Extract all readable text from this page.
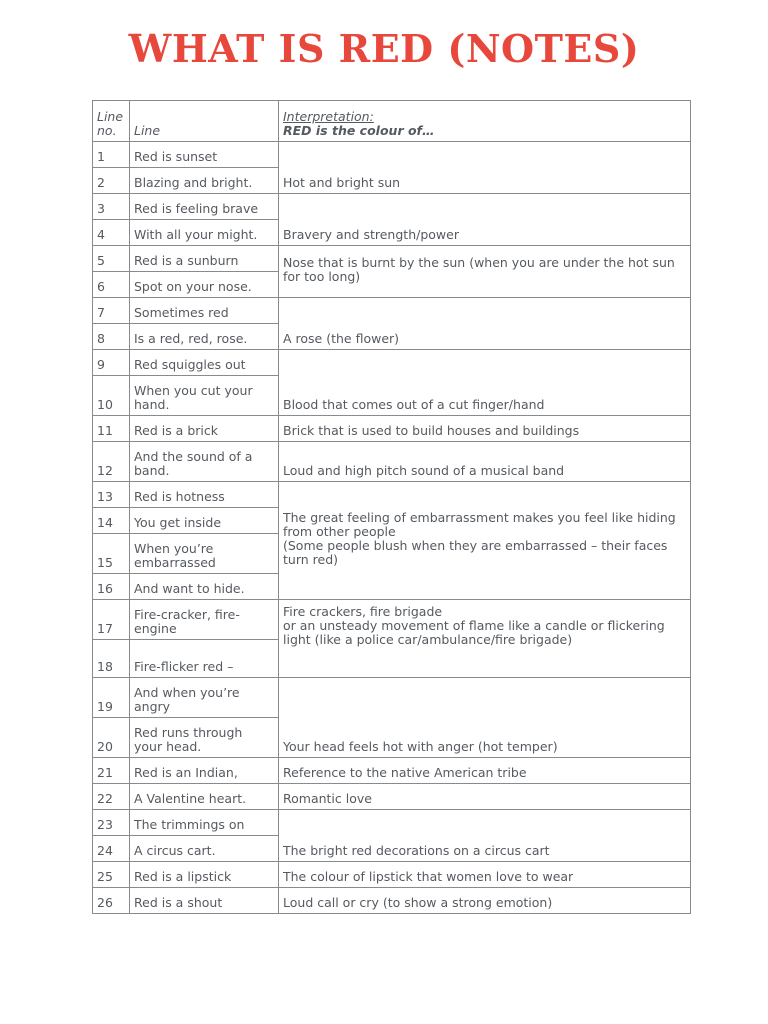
WHAT IS RED (NOTES)
Line
no.	Line	Interpretation:
RED is the colour of…

1	Red is sunset	Hot and bright sun
2	Blazing and bright.	
3	Red is feeling brave	Bravery and strength/power
4	With all your might.	
5	Red is a sunburn	Nose that is burnt by the sun (when you are under the hot sun for too long)
6	Spot on your nose.	
7	Sometimes red	A rose (the flower)
8	Is a red, red, rose.	
9	Red squiggles out	Blood that comes out of a cut finger/hand
10	When you cut your hand.	
11	Red is a brick	Brick that is used to build houses and buildings
12	And the sound of a band.	Loud and high pitch sound of a musical band
13	Red is hotness	The great feeling of embarrassment makes you feel like hiding from other people
(Some people blush when they are embarrassed – their faces turn red)
14	You get inside	
15	When you’re embarrassed	
16	And want to hide.	
17	Fire-cracker, fire-engine	Fire crackers, fire brigade
or an unsteady movement of flame like a candle or flickering light (like a police car/ambulance/fire brigade)
18	Fire-flicker red –	
19	And when you’re angry	Your head feels hot with anger (hot temper)
20	Red runs through your head.	
21	Red is an Indian,	Reference to the native American tribe
22	A Valentine heart.	Romantic love
23	The trimmings on	The bright red decorations on a circus cart
24	A circus cart.	
25	Red is a lipstick	The colour of lipstick that women love to wear
26	Red is a shout	Loud call or cry (to show a strong emotion)
